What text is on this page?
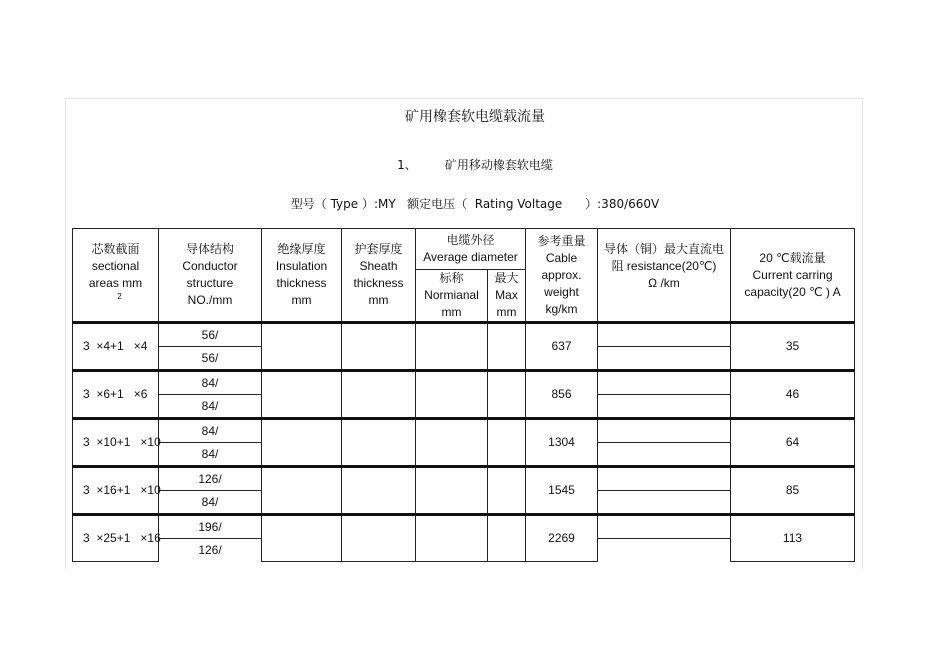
矿用橡套软电缆载流量
1、 矿用移动橡套软电缆
型号（ Type ）:MY   额定电压（  Rating Voltage      ）:380/660V
芯数截面
sectional
areas mm
2	导体结构
Conductor
structure
NO./mm	绝缘厚度
Insulation
thickness
mm	护套厚度
Sheath
thickness
mm	电缆外径
Average diameter		参考重量
Cable
approx.
weight
kg/km	导体（铜）最大直流电
阻 resistance(20℃)
Ω /km	20 ℃载流量
Current carring
capacity(20 ℃ ) A

				标称
Normianal
mm	最大
Max
mm			

3  ×4+1   ×4	56/					637		35
	56/							
3  ×6+1   ×6	84/					856		46
	84/							
3  ×10+1   ×10	84/					1304		64
	84/							
3  ×16+1   ×10	126/					1545		85
	84/							
3  ×25+1   ×16	196/					2269		113
	126/							
